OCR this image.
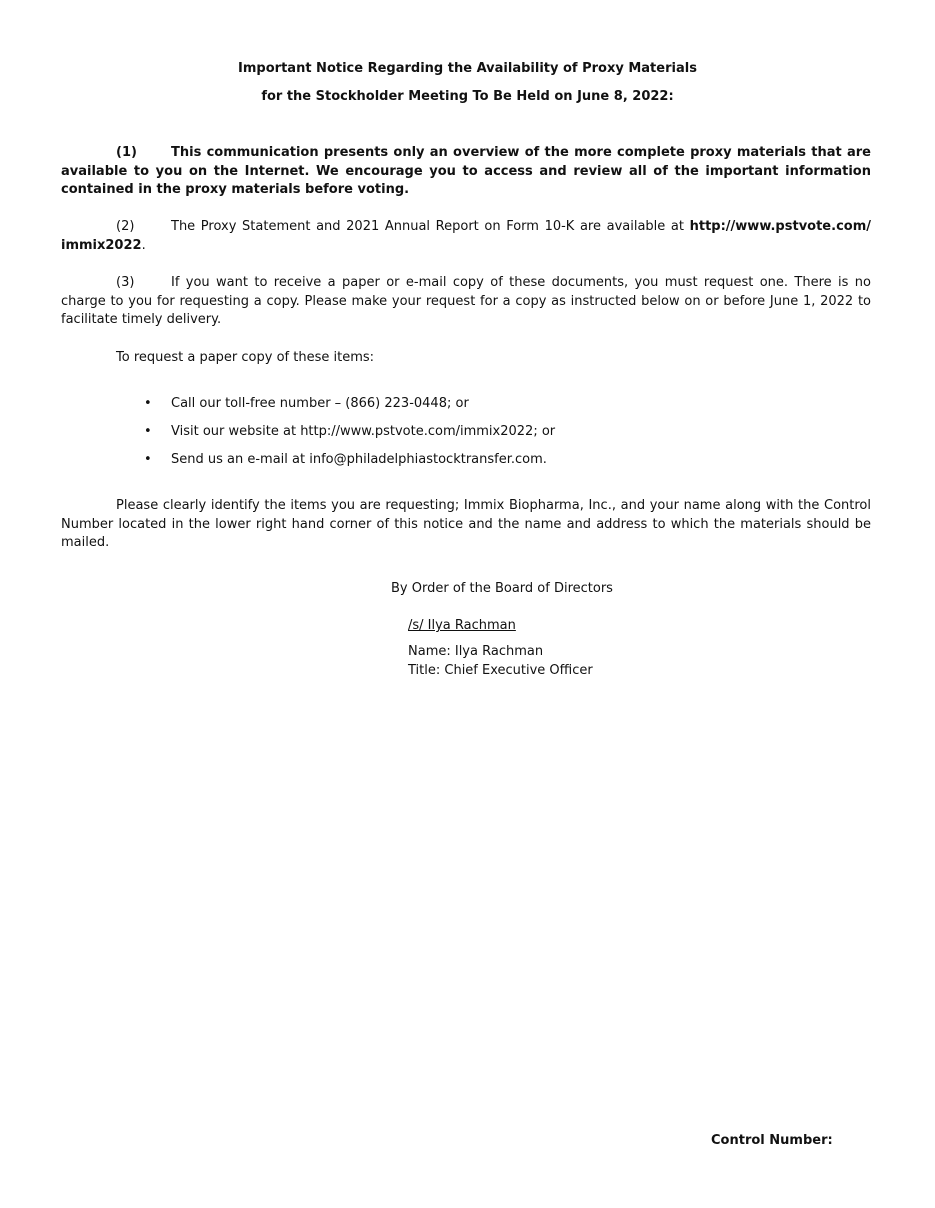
Important Notice Regarding the Availability of Proxy Materials
for the Stockholder Meeting To Be Held on June 8, 2022:
(1)	This communication presents only an overview of the more complete proxy materials that are available to you on the Internet. We encourage you to access and review all of the important information contained in the proxy materials before voting.
(2)	The Proxy Statement and 2021 Annual Report on Form 10-K are available at http://www.pstvote.com/ immix2022.
(3)	If you want to receive a paper or e-mail copy of these documents, you must request one. There is no charge to you for requesting a copy. Please make your request for a copy as instructed below on or before June 1, 2022 to facilitate timely delivery.
To request a paper copy of these items:
• Call our toll-free number – (866) 223-0448; or
• Visit our website at http://www.pstvote.com/immix2022; or
• Send us an e-mail at info@philadelphiastocktransfer.com.
Please clearly identify the items you are requesting; Immix Biopharma, Inc., and your name along with the Control Number located in the lower right hand corner of this notice and the name and address to which the materials should be mailed.
By Order of the Board of Directors
/s/ Ilya Rachman
Name: Ilya Rachman
Title: Chief Executive Officer
Control Number:
